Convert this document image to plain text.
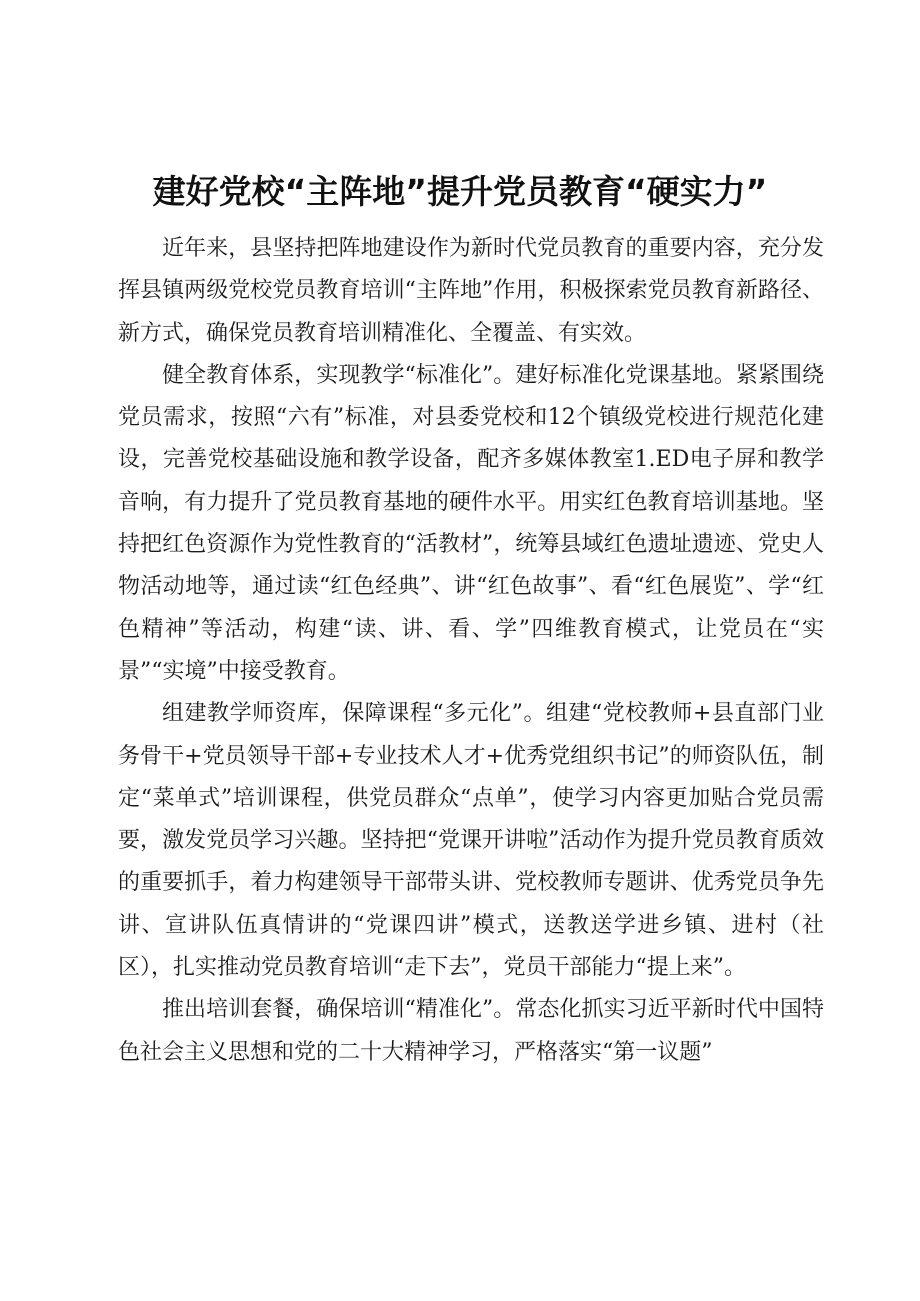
建好党校“主阵地”提升党员教育“硬实力”

近年来，县坚持把阵地建设作为新时代党员教育的重要内容，充分发挥县镇两级党校党员教育培训“主阵地”作用，积极探索党员教育新路径、新方式，确保党员教育培训精准化、全覆盖、有实效。

健全教育体系，实现教学“标准化”。建好标准化党课基地。紧紧围绕党员需求，按照“六有”标准，对县委党校和12个镇级党校进行规范化建设，完善党校基础设施和教学设备，配齐多媒体教室1.ED电子屏和教学音响，有力提升了党员教育基地的硬件水平。用实红色教育培训基地。坚持把红色资源作为党性教育的“活教材”，统筹县域红色遗址遗迹、党史人物活动地等，通过读“红色经典”、讲“红色故事”、看“红色展览”、学“红色精神”等活动，构建“读、讲、看、学”四维教育模式，让党员在“实景”“实境”中接受教育。

组建教学师资库，保障课程“多元化”。组建“党校教师+县直部门业务骨干+党员领导干部+专业技术人才+优秀党组织书记”的师资队伍，制定“菜单式”培训课程，供党员群众“点单”，使学习内容更加贴合党员需要，激发党员学习兴趣。坚持把“党课开讲啦”活动作为提升党员教育质效的重要抓手，着力构建领导干部带头讲、党校教师专题讲、优秀党员争先讲、宣讲队伍真情讲的“党课四讲”模式，送教送学进乡镇、进村（社区），扎实推动党员教育培训“走下去”，党员干部能力“提上来”。

推出培训套餐，确保培训“精准化”。常态化抓实习近平新时代中国特色社会主义思想和党的二十大精神学习，严格落实“第一议题”
